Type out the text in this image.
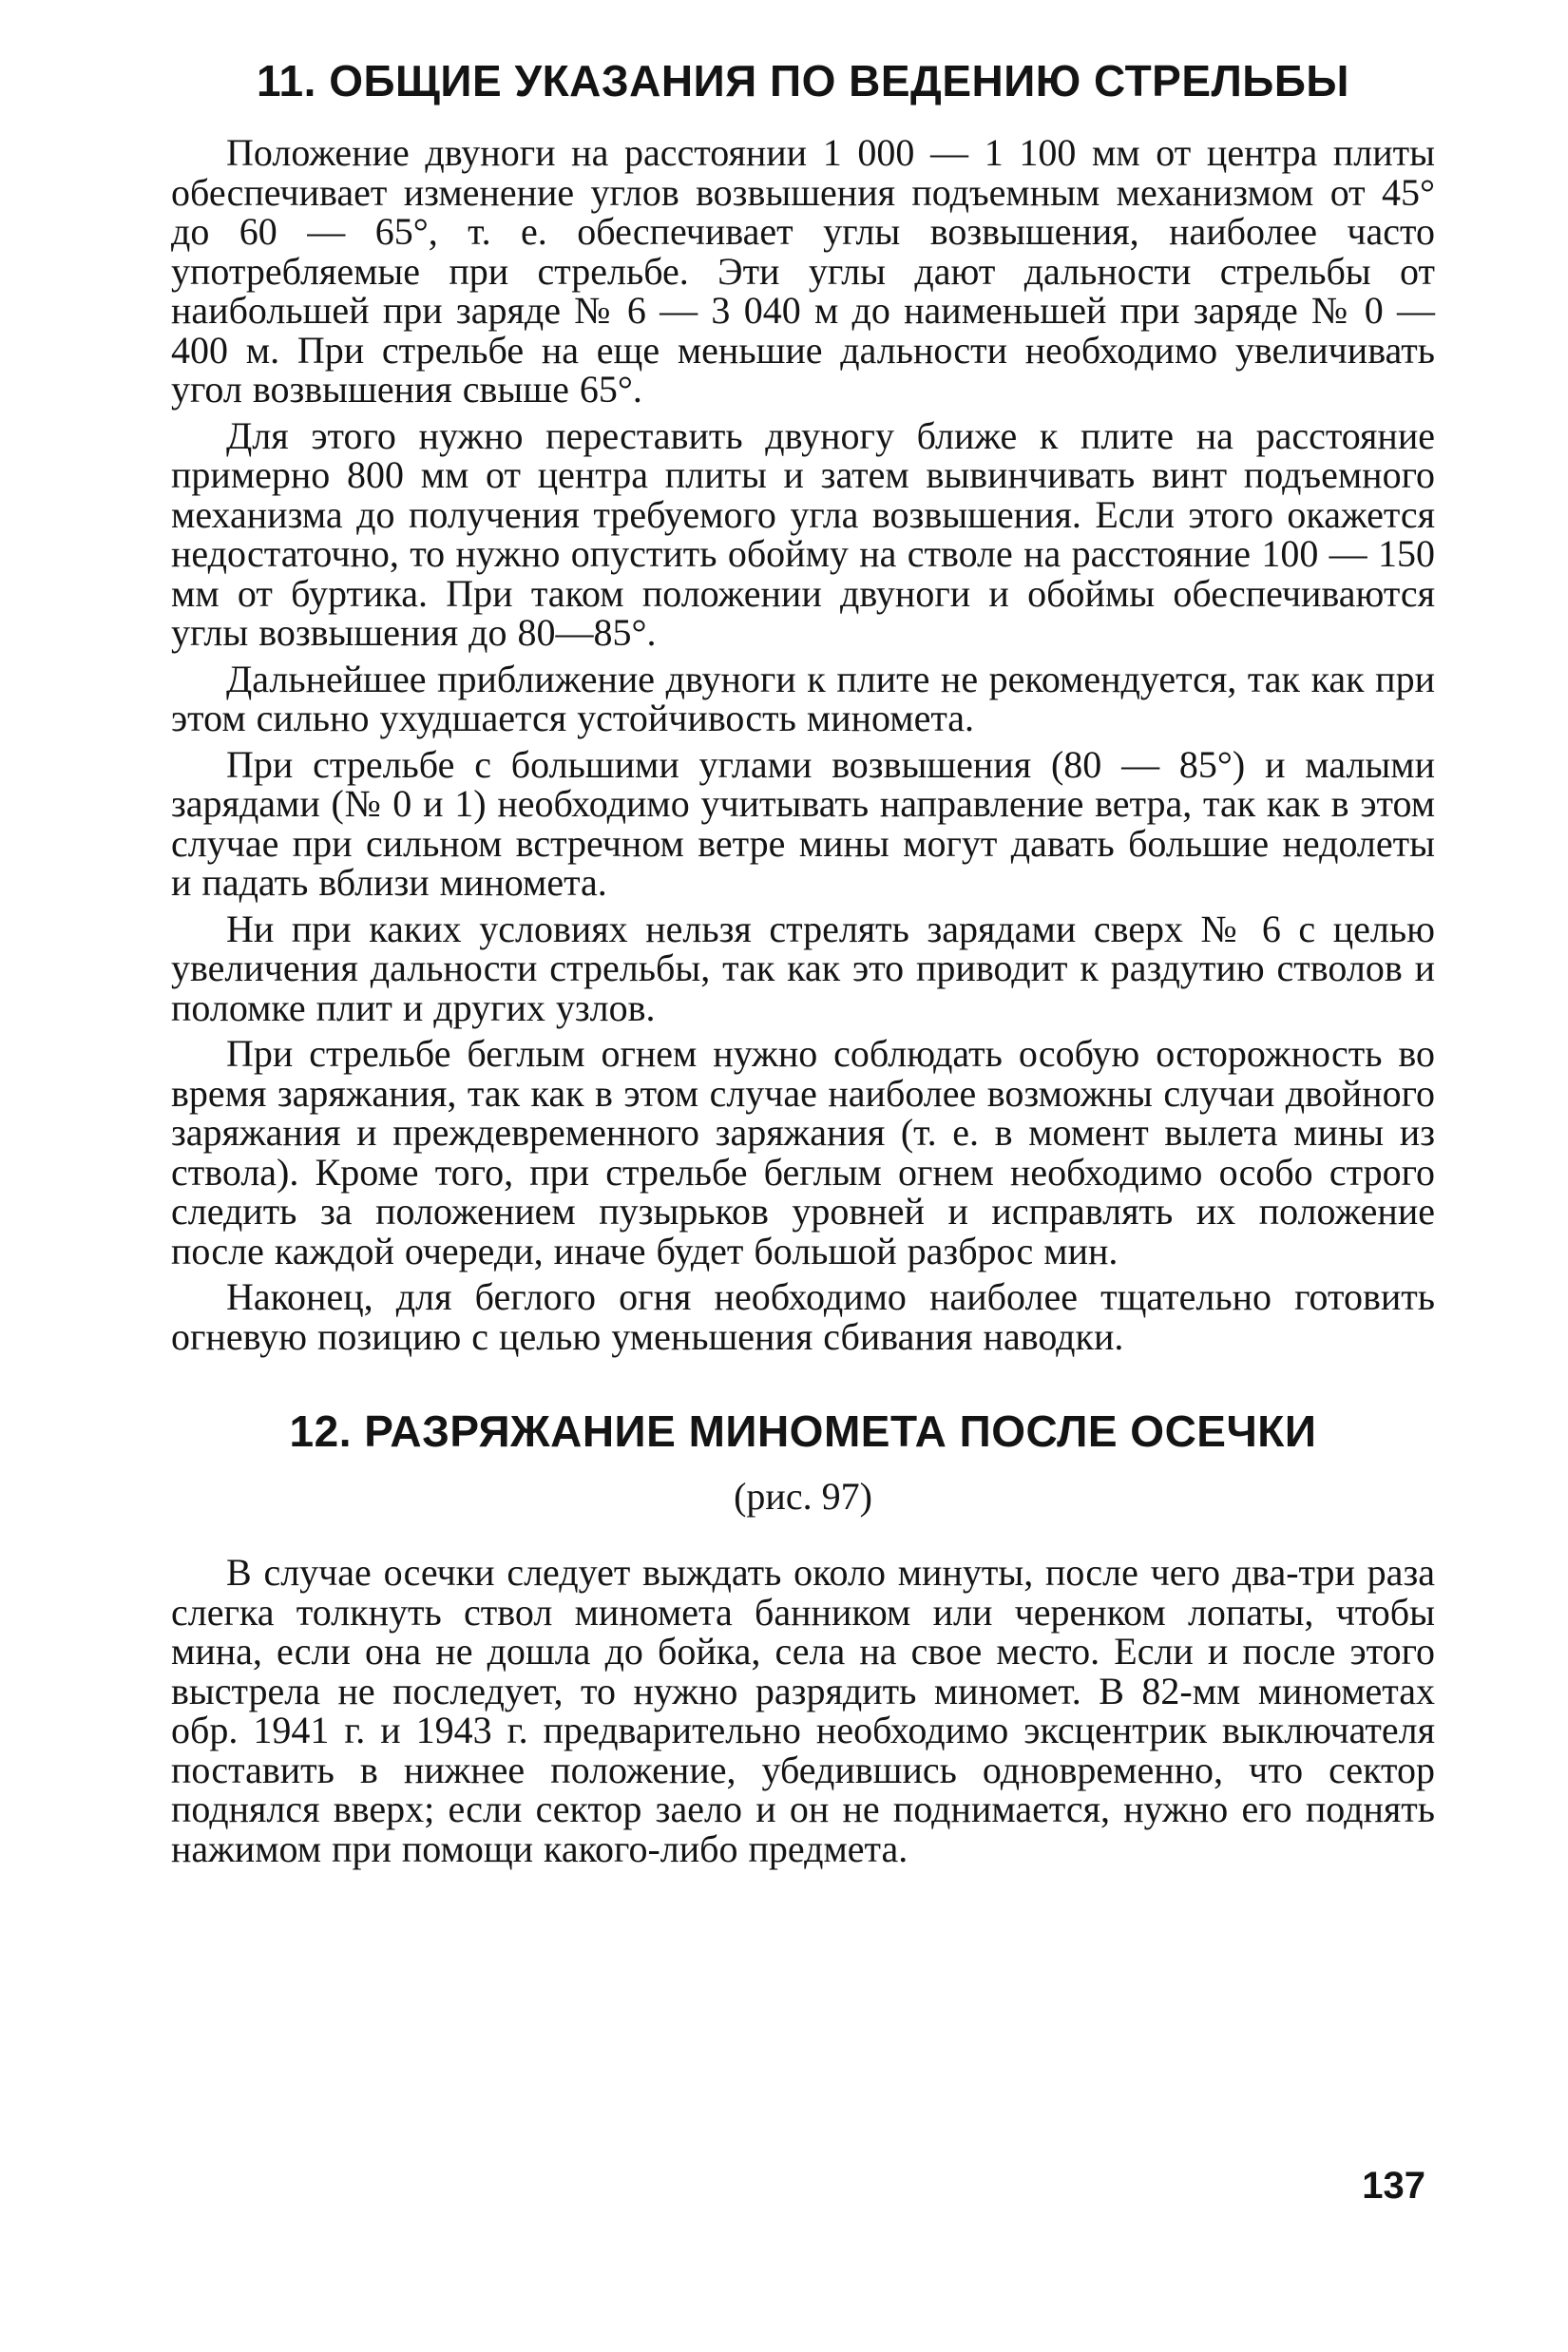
11. ОБЩИЕ УКАЗАНИЯ ПО ВЕДЕНИЮ СТРЕЛЬБЫ

Положение двуноги на расстоянии 1 000 — 1 100 мм от центра плиты обеспечивает изменение углов возвышения подъемным механизмом от 45° до 60 — 65°, т. е. обеспечивает углы возвышения, наиболее часто употребляемые при стрельбе. Эти углы дают дальности стрельбы от наибольшей при заряде № 6 — 3 040 м до наименьшей при заряде № 0 — 400 м. При стрельбе на еще меньшие дальности необходимо увеличивать угол возвышения свыше 65°.

Для этого нужно переставить двуногу ближе к плите на расстояние примерно 800 мм от центра плиты и затем вывинчивать винт подъемного механизма до получения требуемого угла возвышения. Если этого окажется недостаточно, то нужно опустить обойму на стволе на расстояние 100 — 150 мм от буртика. При таком положении двуноги и обоймы обеспечиваются углы возвышения до 80—85°.

Дальнейшее приближение двуноги к плите не рекомендуется, так как при этом сильно ухудшается устойчивость миномета.

При стрельбе с большими углами возвышения (80 — 85°) и малыми зарядами (№ 0 и 1) необходимо учитывать направление ветра, так как в этом случае при сильном встречном ветре мины могут давать большие недолеты и падать вблизи миномета.

Ни при каких условиях нельзя стрелять зарядами сверх № 6 с целью увеличения дальности стрельбы, так как это приводит к раздутию стволов и поломке плит и других узлов.

При стрельбе беглым огнем нужно соблюдать особую осторожность во время заряжания, так как в этом случае наиболее возможны случаи двойного заряжания и преждевременного заряжания (т. е. в момент вылета мины из ствола). Кроме того, при стрельбе беглым огнем необходимо особо строго следить за положением пузырьков уровней и исправлять их положение после каждой очереди, иначе будет большой разброс мин.

Наконец, для беглого огня необходимо наиболее тщательно готовить огневую позицию с целью уменьшения сбивания наводки.

12. РАЗРЯЖАНИЕ МИНОМЕТА ПОСЛЕ ОСЕЧКИ
(рис. 97)

В случае осечки следует выждать около минуты, после чего два-три раза слегка толкнуть ствол миномета банником или черенком лопаты, чтобы мина, если она не дошла до бойка, села на свое место. Если и после этого выстрела не последует, то нужно разрядить миномет. В 82-мм минометах обр. 1941 г. и 1943 г. предварительно необходимо эксцентрик выключателя поставить в нижнее положение, убедившись одновременно, что сектор поднялся вверх; если сектор заело и он не поднимается, нужно его поднять нажимом при помощи какого-либо предмета.

137
